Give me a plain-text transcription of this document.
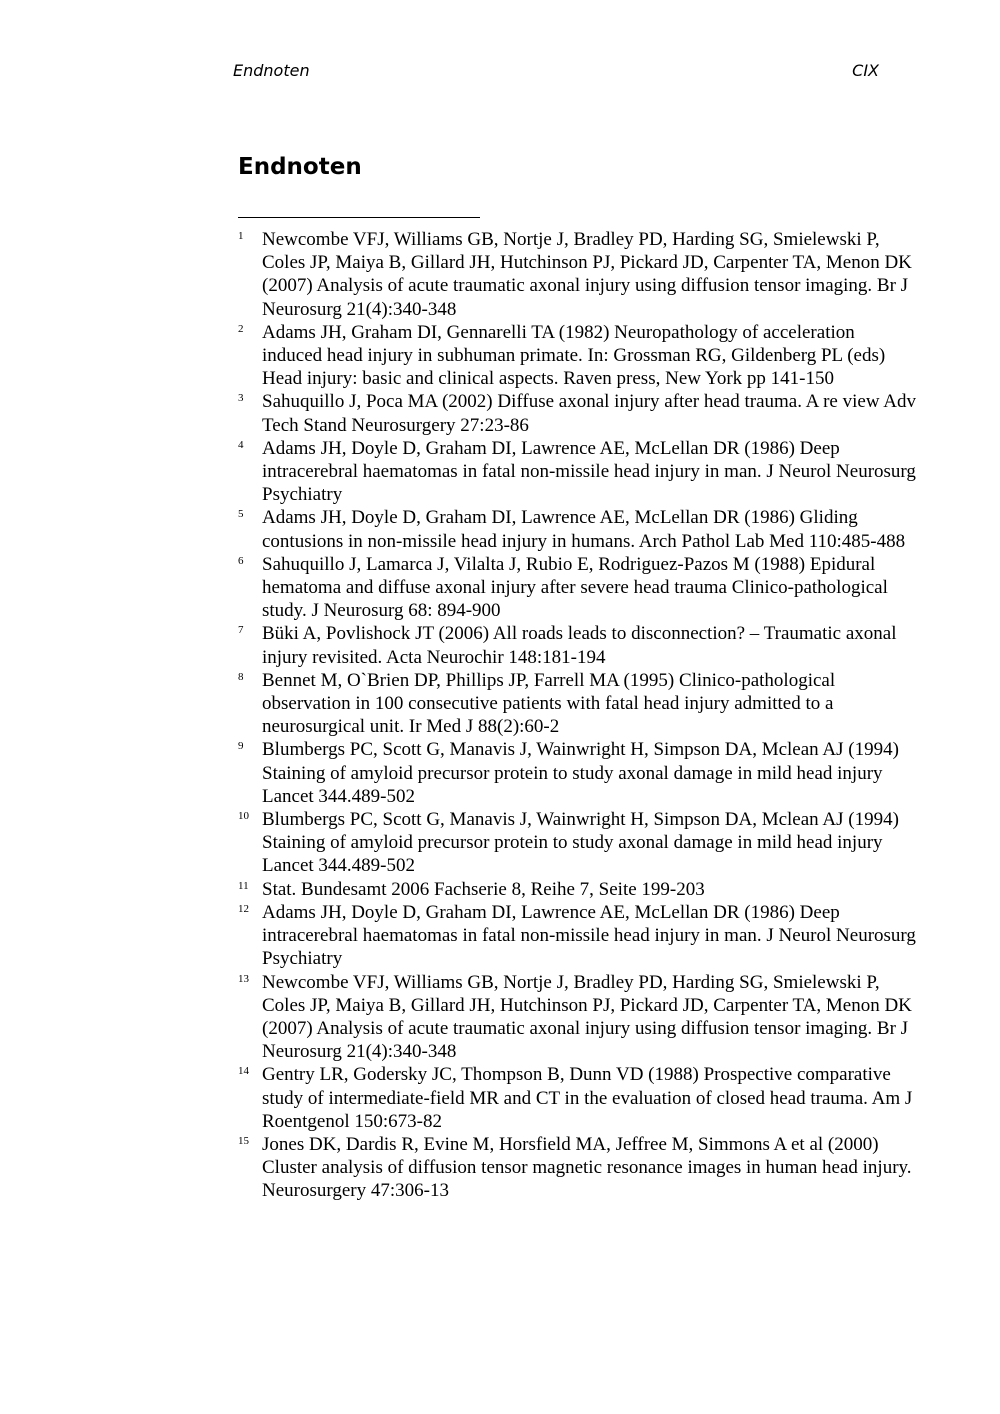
Endnoten	CIX
Endnoten
1 Newcombe VFJ, Williams GB, Nortje J, Bradley PD, Harding SG, Smielewski P, Coles JP, Maiya B, Gillard JH, Hutchinson PJ, Pickard JD, Carpenter TA, Menon DK (2007) Analysis of acute traumatic axonal injury using diffusion tensor imaging. Br J Neurosurg 21(4):340-348
2 Adams JH, Graham DI, Gennarelli TA (1982) Neuropathology of acceleration induced head injury in subhuman primate. In: Grossman RG, Gildenberg PL (eds) Head injury: basic and clinical aspects. Raven press, New York pp 141-150
3 Sahuquillo J, Poca MA (2002) Diffuse axonal injury after head trauma. A re view Adv Tech Stand Neurosurgery 27:23-86
4 Adams JH, Doyle D, Graham DI, Lawrence AE, McLellan DR (1986) Deep intracerebral haematomas in fatal non-missile head injury in man. J Neurol Neurosurg Psychiatry
5 Adams JH, Doyle D, Graham DI, Lawrence AE, McLellan DR (1986) Gliding contusions in non-missile head injury in humans. Arch Pathol Lab Med 110:485-488
6 Sahuquillo J, Lamarca J, Vilalta J, Rubio E, Rodriguez-Pazos M (1988) Epidural hematoma and diffuse axonal injury after severe head trauma Clinico-pathological study. J Neurosurg 68: 894-900
7 Büki A, Povlishock JT (2006) All roads leads to disconnection? – Traumatic axonal injury revisited. Acta Neurochir 148:181-194
8 Bennet M, O`Brien DP, Phillips JP, Farrell MA (1995) Clinico-pathological observation in 100 consecutive patients with fatal head injury admitted to a neurosurgical unit. Ir Med J 88(2):60-2
9 Blumbergs PC, Scott G, Manavis J, Wainwright H, Simpson DA, Mclean AJ (1994) Staining of amyloid precursor protein to study axonal damage in mild head injury Lancet 344.489-502
10 Blumbergs PC, Scott G, Manavis J, Wainwright H, Simpson DA, Mclean AJ (1994) Staining of amyloid precursor protein to study axonal damage in mild head injury Lancet 344.489-502
11 Stat. Bundesamt 2006 Fachserie 8, Reihe 7, Seite 199-203
12 Adams JH, Doyle D, Graham DI, Lawrence AE, McLellan DR (1986) Deep intracerebral haematomas in fatal non-missile head injury in man. J Neurol Neurosurg Psychiatry
13 Newcombe VFJ, Williams GB, Nortje J, Bradley PD, Harding SG, Smielewski P, Coles JP, Maiya B, Gillard JH, Hutchinson PJ, Pickard JD, Carpenter TA, Menon DK (2007) Analysis of acute traumatic axonal injury using diffusion tensor imaging. Br J Neurosurg 21(4):340-348
14 Gentry LR, Godersky JC, Thompson B, Dunn VD (1988) Prospective comparative study of intermediate-field MR and CT in the evaluation of closed head trauma. Am J Roentgenol 150:673-82
15 Jones DK, Dardis R, Evine M, Horsfield MA, Jeffree M, Simmons A et al (2000) Cluster analysis of diffusion tensor magnetic resonance images in human head injury. Neurosurgery 47:306-13
